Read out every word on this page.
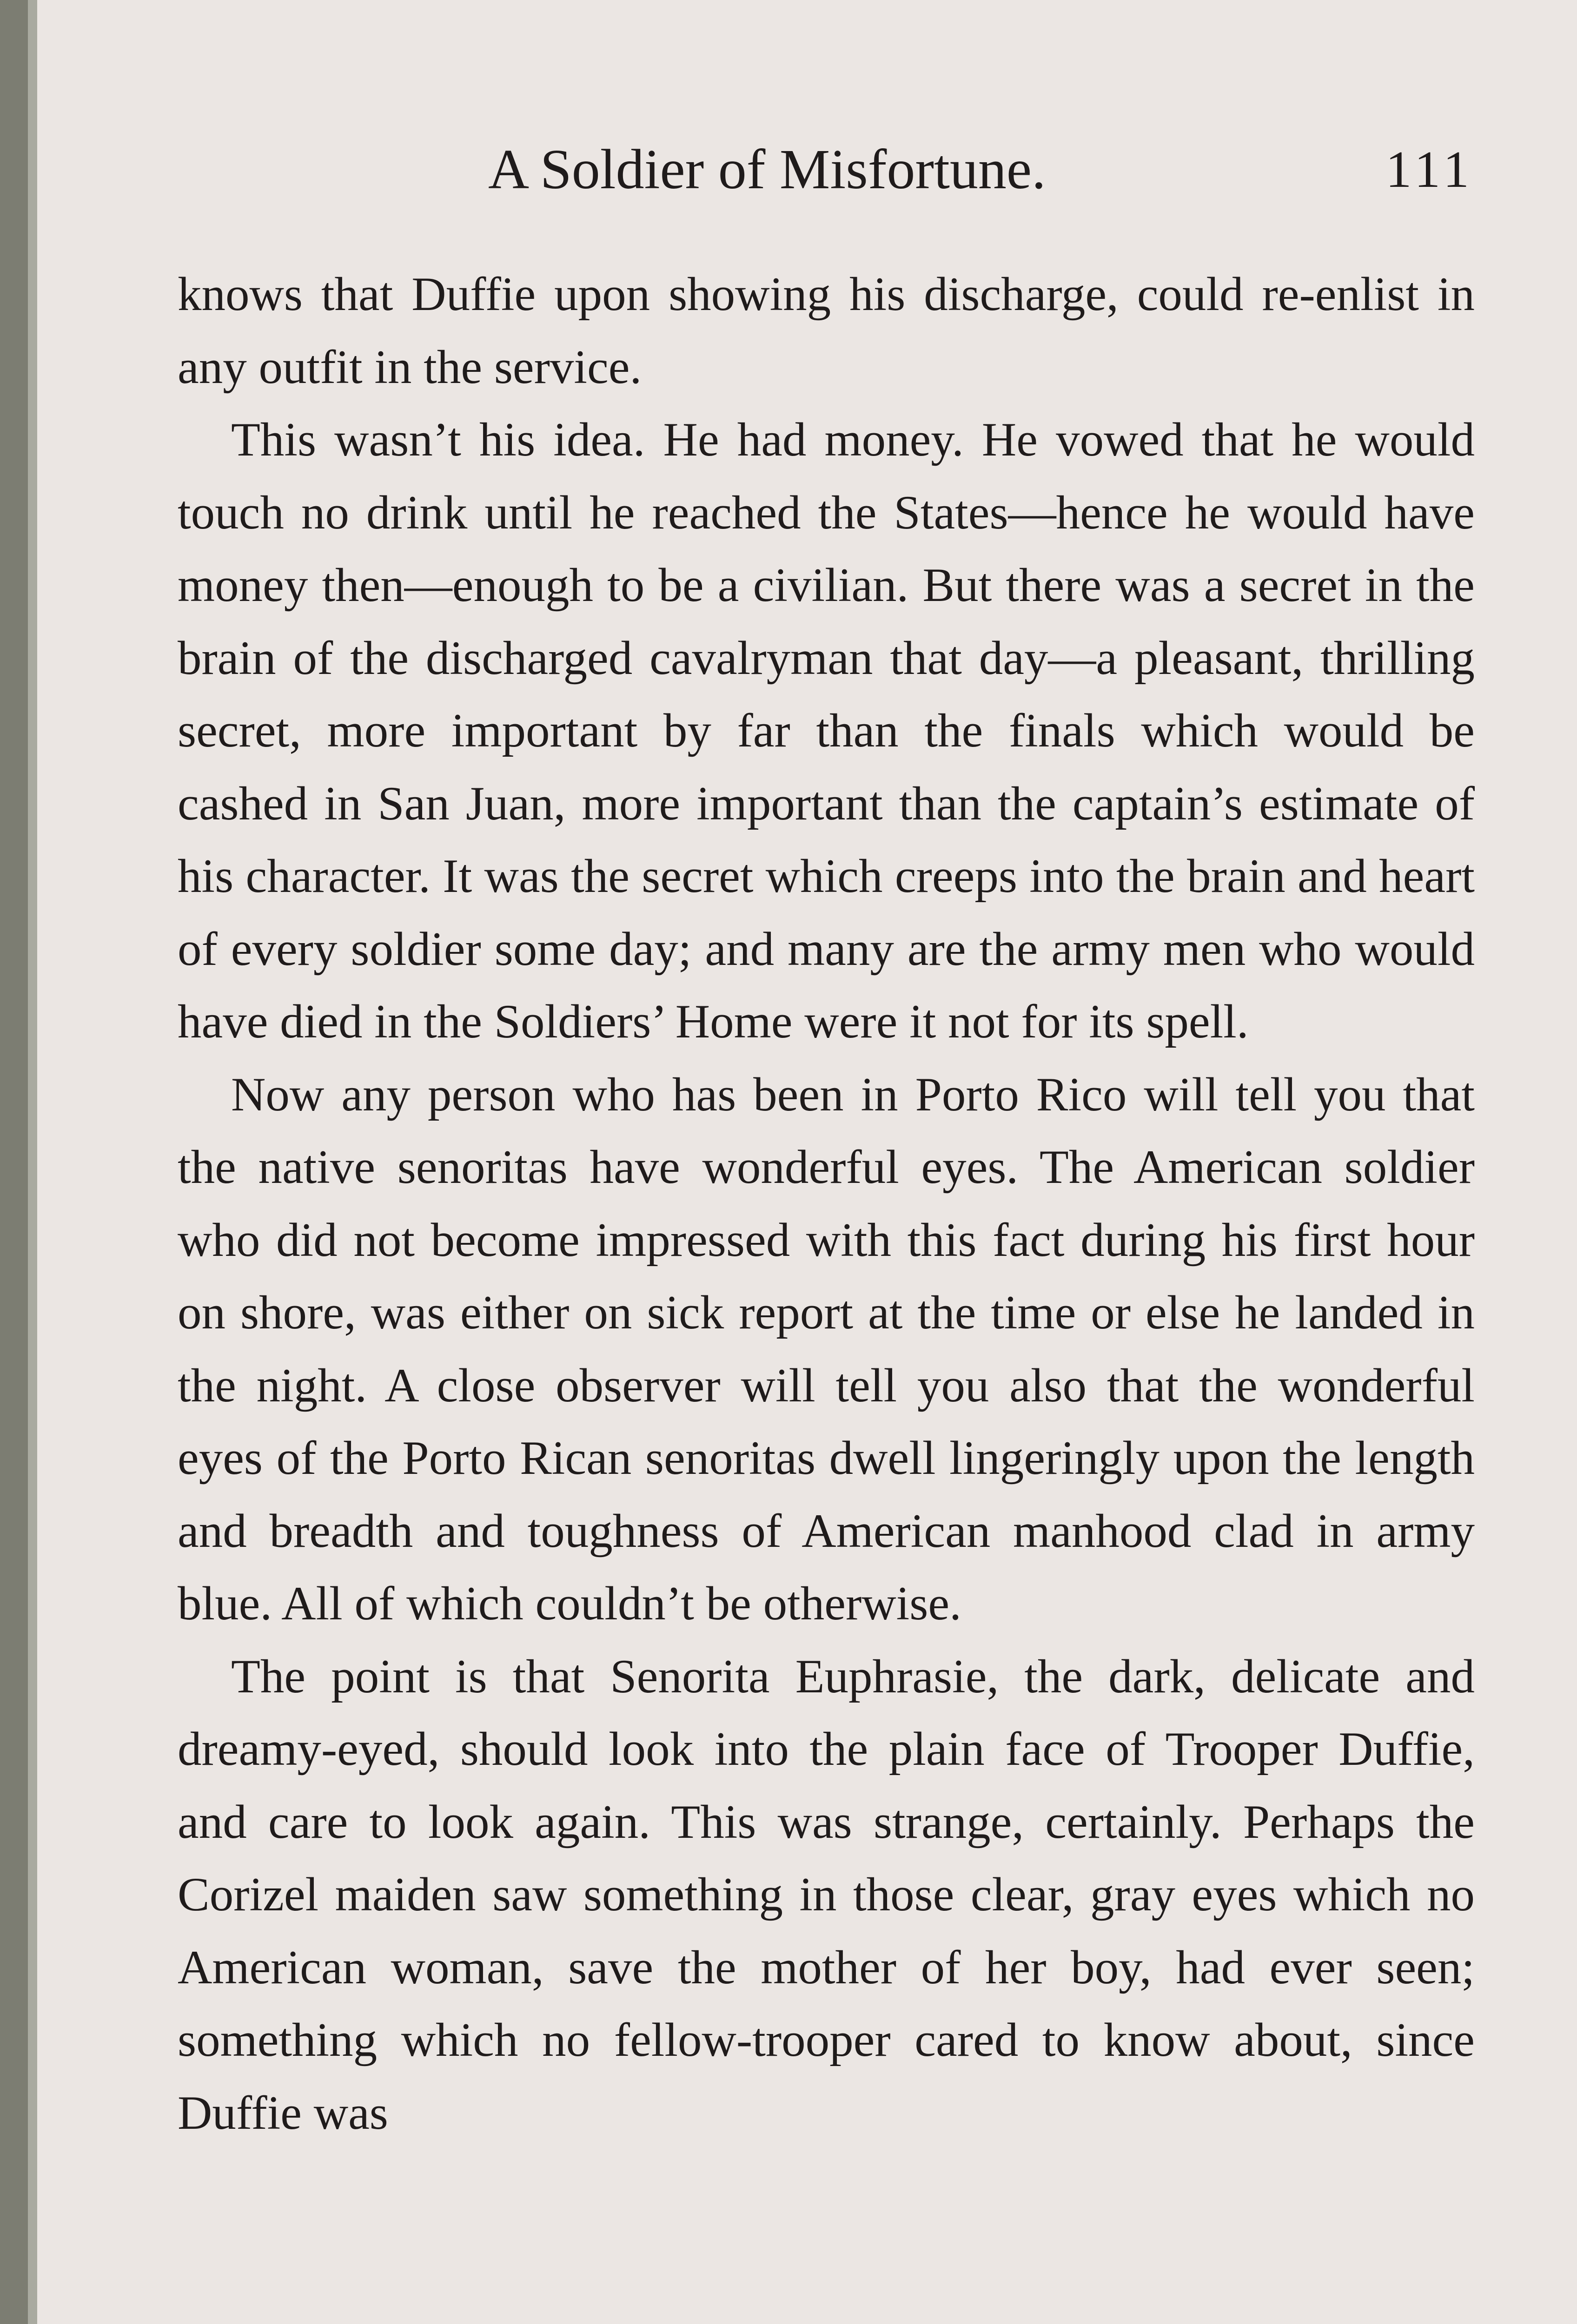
A Soldier of Misfortune.	111

knows that Duffie upon showing his discharge, could re-enlist in any outfit in the service.

This wasn’t his idea. He had money. He vowed that he would touch no drink until he reached the States—hence he would have money then—enough to be a civilian. But there was a secret in the brain of the discharged cavalryman that day—a pleasant, thrilling secret, more important by far than the finals which would be cashed in San Juan, more important than the captain’s estimate of his character. It was the secret which creeps into the brain and heart of every soldier some day; and many are the army men who would have died in the Soldiers’ Home were it not for its spell.

Now any person who has been in Porto Rico will tell you that the native senoritas have wonderful eyes. The American soldier who did not become impressed with this fact during his first hour on shore, was either on sick report at the time or else he landed in the night. A close observer will tell you also that the wonderful eyes of the Porto Rican senoritas dwell lingeringly upon the length and breadth and toughness of American manhood clad in army blue. All of which couldn’t be otherwise.

The point is that Senorita Euphrasie, the dark, delicate and dreamy-eyed, should look into the plain face of Trooper Duffie, and care to look again. This was strange, certainly. Perhaps the Corizel maiden saw something in those clear, gray eyes which no American woman, save the mother of her boy, had ever seen; something which no fellow-trooper cared to know about, since Duffie was
